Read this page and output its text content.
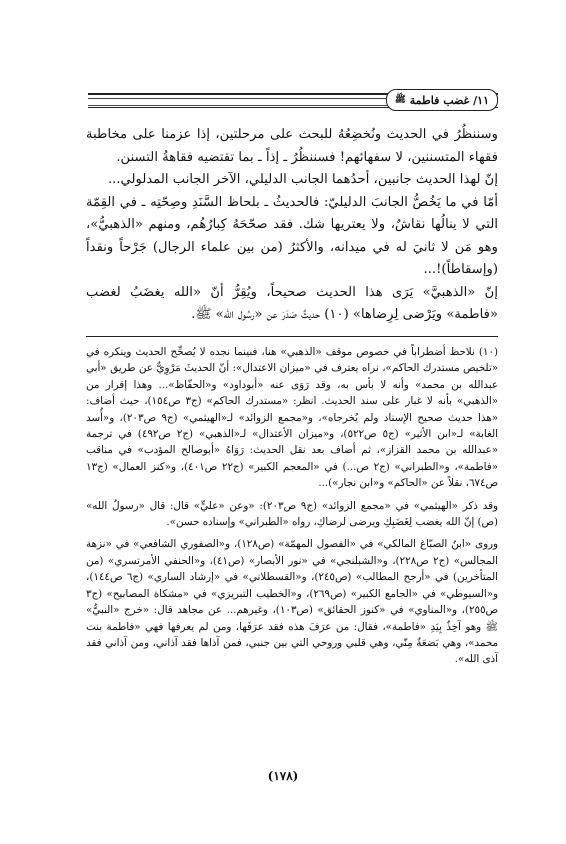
١١/ غضب فاطمة
ﷺ

وسننظُرُ في الحديث ونُخضِعُهُ للبحث على مرحلتين، إذا عزمنا على مخاطبة فقهاء المتسننين، لا سفهائهم! فسننظُرُ ـ إذاً ـ بما تقتضيه فقاهةُ التسنن.

إنّ لهذا الحديث جانبين، أحدُهما الجانب الدليلي، الآخر الجانب المدلولي...

أمّا في ما يَخُصُّ الجانبَ الدليليّ: فالحديثُ ـ بلحاظ السَّنَدِ وصِحّتِه ـ في القِمّة التي لا ينالُها نقاشٌ، ولا يعتريها شك. فقد صحّحَهُ كِبارُهُم، ومنهم «الذهبيُّ»، وهو مَن لا ثانيَ له في ميدانه، والأكثرُ (من بين علماء الرجال) جَرْحاً ونقداً (وإسقاطاً)!...

إنّ «الذهبيَّ» يَرَى هذا الحديث صحيحاً، ويُقِرُّ أنّ «الله يغضَبُ لغضب «فاطمة» ويَرْضى لِرِضاها» (١٠) حديثٌ صَدَرَ عن «رسُول الله» ﷺ.

(١٠) نلاحظ أضطراباً في خصوص موقف «الذهبي» هنا، فبينما نجده لا يُصحِّح الحديث وينكره في «تلخيص مستدرك الحاكم»، نراه يعترف في «ميزان الاعتدال»: أنّ الحديثَ مَرْوِيٌّ عن طريق «أبي عبدالله بن محمد» وأنه لا بأس به، وقد رَوَى عنه «أبوداود» و«الحفّاظ»... وهذا إقرار من «الذهبي» بأنه لا غبار على سند الحديث. انظر: «مستدرك الحاكم» (ج٣ ص١٥٤)، حيث أضاف: «هذا حديث صحيح الإسناد ولم يُخرجاه»، و«مجمع الزوائد» لـ«الهيثمي» (ج٩ ص٢٠٣)، و«أُسد الغابة» لـ«ابن الأثير» (ج٥ ص٥٢٢)، و«ميزان الأعتدال» لـ«الذهبي» (ج٢ ص٤٩٢) في ترجمة «عبدالله بن محمد القزاز»، ثم أضاف بعد نقل الحديث: رَوَاهُ «أبوصالح المؤدب» في مناقب «فاطمة»، و«الطبراني» (ج٢ ص...) في «المعجم الكبير» (ج٢٢ ص٤٠١)، و«كنز العمال» (ج١٣ ص٦٧٤، نقلاً عن «الحاكم» و«ابن نجار»)...

وقد ذكر «الهيثمي» في «مجمع الزوائد» (ج٩ ص٢٠٣): «وعن «عليٍّ» قال: قال «رسولُ الله» (ص) إنّ الله يغضب لِغَضَبِكِ ويرضى لرضاكِ، رواه «الطبراني» وإسناده حسن».

وروى «ابنُ الصبّاغ المالكي» في «الفصول المهمّة» (ص١٢٨)، و«الصفوري الشافعي» في «نزهة المجالس» (ج٢ ص٢٢٨)، و«الشبلنجي» في «نور الأبصار» (ص٤١)، و«الحنفي الأمرتسري» (من المتأخرين) في «أرجح المطالب» (ص٢٤٥)، و«القسطلاني» في «إرشاد الساري» (ج٦ ص١٤٤)، و«السيوطي» في «الجامع الكبير» (ص٢٦٩)، و«الخطيب التبريزي» في «مشكاة المصابيح» (ج٣ ص٢٥٥)، و«المناوي» في «كنوز الحقائق» (ص١٠٣)، وغيرهم... عن مجاهد قال: «خرج «النبيُّ» ﷺ وهو آخِذٌ بِيَدِ «فاطمة»، فقال: من عرَفَ هذه فقد عرَفَها، ومن لم يعرفها فهي «فاطمة بنت محمد»، وهي بَضعَةٌ مِنّي، وهي قلبي وروحي التي بين جنبي، فمن آذاها فقد آذاني، ومن آذاني فقد آذى الله».

(١٧٨)
